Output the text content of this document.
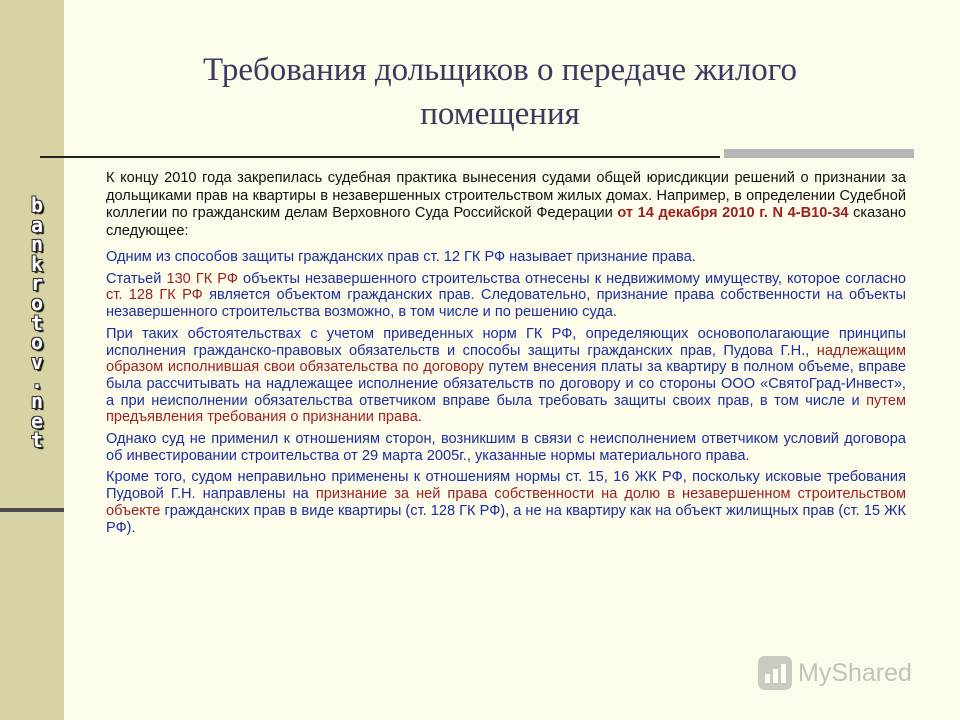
b
a
n
k
r
o
t
o
v
.
n
e
t
Требования дольщиков о передаче жилого помещения

К концу 2010 года закрепилась судебная практика вынесения судами общей юрисдикции решений о признании за дольщиками прав на квартиры в незавершенных строительством жилых домах. Например, в определении Судебной коллегии по гражданским делам Верховного Суда Российской Федерации от 14 декабря 2010 г. N 4-В10-34 сказано следующее:

Одним из способов защиты гражданских прав ст. 12 ГК РФ называет признание права.

Статьей 130 ГК РФ объекты незавершенного строительства отнесены к недвижимому имуществу, которое согласно ст. 128 ГК РФ является объектом гражданских прав. Следовательно, признание права собственности на объекты незавершенного строительства возможно, в том числе и по решению суда.

При таких обстоятельствах с учетом приведенных норм ГК РФ, определяющих основополагающие принципы исполнения гражданско-правовых обязательств и способы защиты гражданских прав, Пудова Г.Н., надлежащим образом исполнившая свои обязательства по договору путем внесения платы за квартиру в полном объеме, вправе была рассчитывать на надлежащее исполнение обязательств по договору и со стороны ООО «СвятоГрад-Инвест», а при неисполнении обязательства ответчиком вправе была требовать защиты своих прав, в том числе и путем предъявления требования о признании права.

Однако суд не применил к отношениям сторон, возникшим в связи с неисполнением ответчиком условий договора об инвестировании строительства от 29 марта 2005г., указанные нормы материального права.

Кроме того, судом неправильно применены к отношениям нормы ст. 15, 16 ЖК РФ, поскольку исковые требования Пудовой Г.Н. направлены на признание за ней права собственности на долю в незавершенном строительством объекте гражданских прав в виде квартиры (ст. 128 ГК РФ), а не на квартиру как на объект жилищных прав (ст. 15 ЖК РФ).

MyShared
